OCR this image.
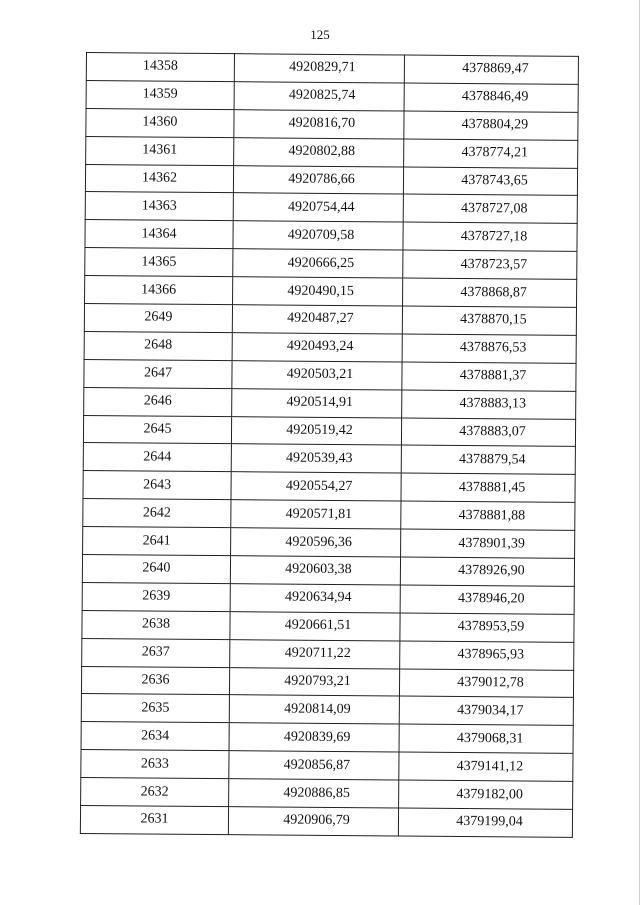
125
14358	4920829,71	4378869,47
14359	4920825,74	4378846,49
14360	4920816,70	4378804,29
14361	4920802,88	4378774,21
14362	4920786,66	4378743,65
14363	4920754,44	4378727,08
14364	4920709,58	4378727,18
14365	4920666,25	4378723,57
14366	4920490,15	4378868,87
2649	4920487,27	4378870,15
2648	4920493,24	4378876,53
2647	4920503,21	4378881,37
2646	4920514,91	4378883,13
2645	4920519,42	4378883,07
2644	4920539,43	4378879,54
2643	4920554,27	4378881,45
2642	4920571,81	4378881,88
2641	4920596,36	4378901,39
2640	4920603,38	4378926,90
2639	4920634,94	4378946,20
2638	4920661,51	4378953,59
2637	4920711,22	4378965,93
2636	4920793,21	4379012,78
2635	4920814,09	4379034,17
2634	4920839,69	4379068,31
2633	4920856,87	4379141,12
2632	4920886,85	4379182,00
2631	4920906,79	4379199,04
